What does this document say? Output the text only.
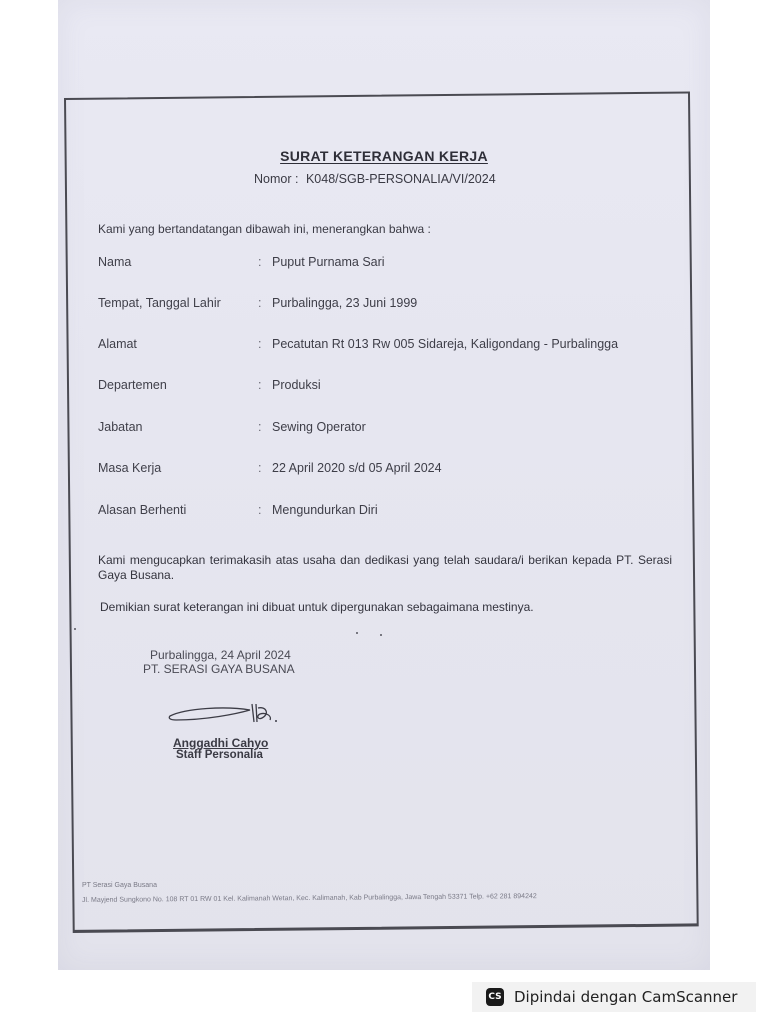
SURAT KETERANGAN KERJA
Nomor : K048/SGB-PERSONALIA/VI/2024
Kami yang bertandatangan dibawah ini, menerangkan bahwa :
Nama	: Puput Purnama Sari
Tempat, Tanggal Lahir	: Purbalingga, 23 Juni 1999
Alamat	: Pecatutan Rt 013 Rw 005 Sidareja, Kaligondang - Purbalingga
Departemen	: Produksi
Jabatan	: Sewing Operator
Masa Kerja	: 22 April 2020 s/d 05 April 2024
Alasan Berhenti	: Mengundurkan Diri
Kami mengucapkan terimakasih atas usaha dan dedikasi yang telah saudara/i berikan kepada PT. Serasi Gaya Busana.
Demikian surat keterangan ini dibuat untuk dipergunakan sebagaimana mestinya.
Purbalingga, 24 April 2024
PT. SERASI GAYA BUSANA
Anggadhi Cahyo
Staff Personalia
PT Serasi Gaya Busana
Jl. Mayjend Sungkono No. 108 RT 01 RW 01 Kel. Kalimanah Wetan, Kec. Kalimanah, Kab Purbalingga, Jawa Tengah 53371 Telp. +62 281 894242
CS Dipindai dengan CamScanner
